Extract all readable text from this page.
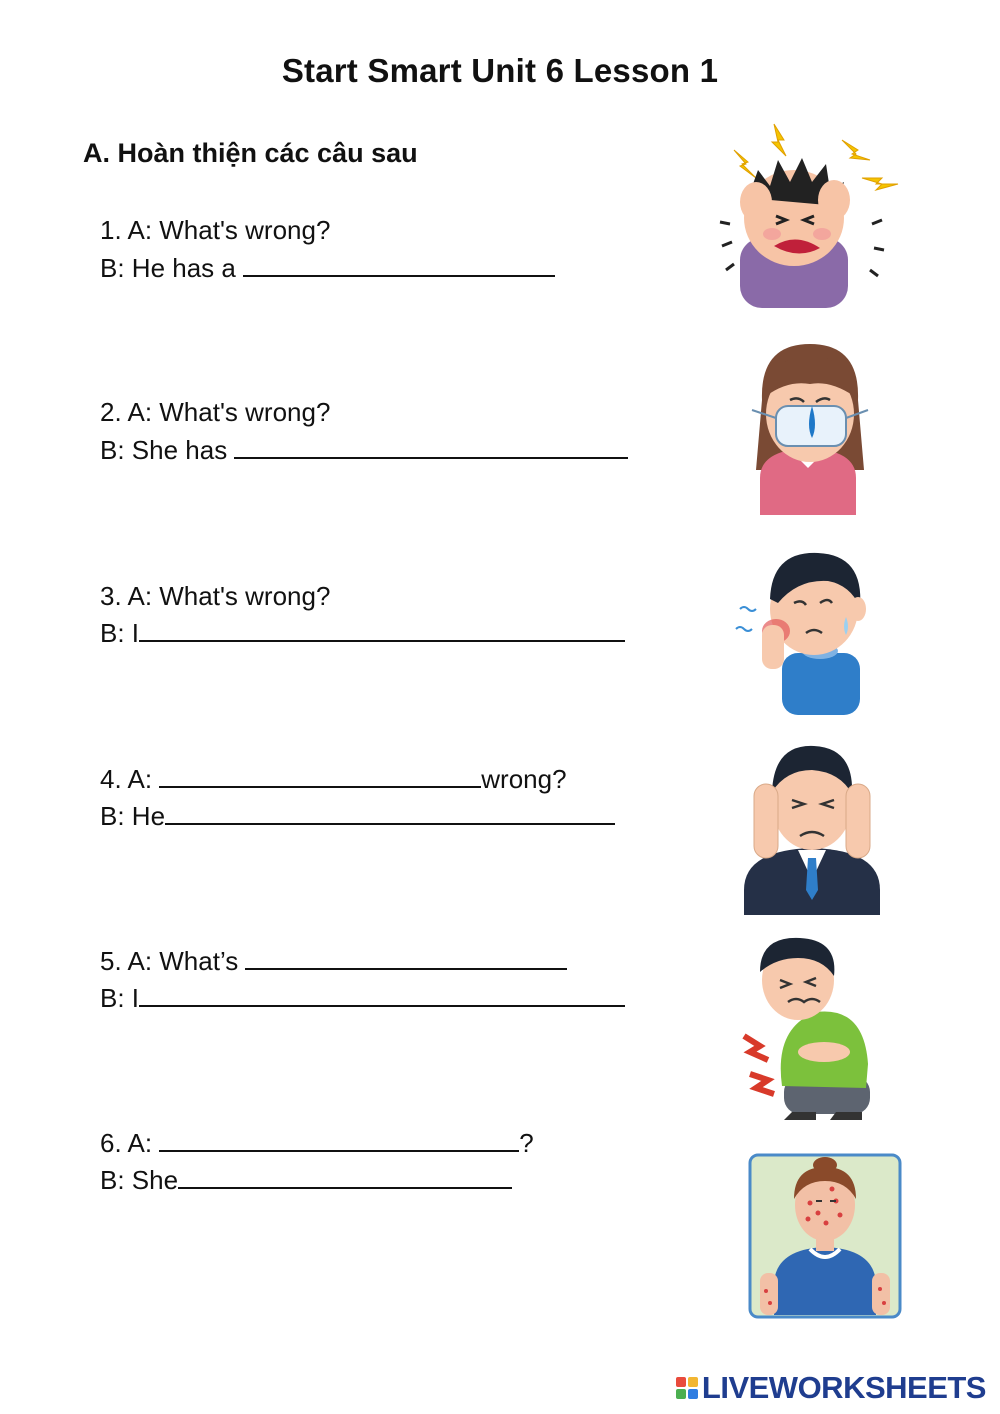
Start Smart Unit 6 Lesson 1
A. Hoàn thiện các câu sau
1. A: What's wrong?
B: He has a
2. A: What's wrong?
B: She has
3. A: What's wrong?
B: I
4. A:	wrong?
B: He
5. A: What’s
B: I
6. A:	?
B: She
LIVEWORKSHEETS
